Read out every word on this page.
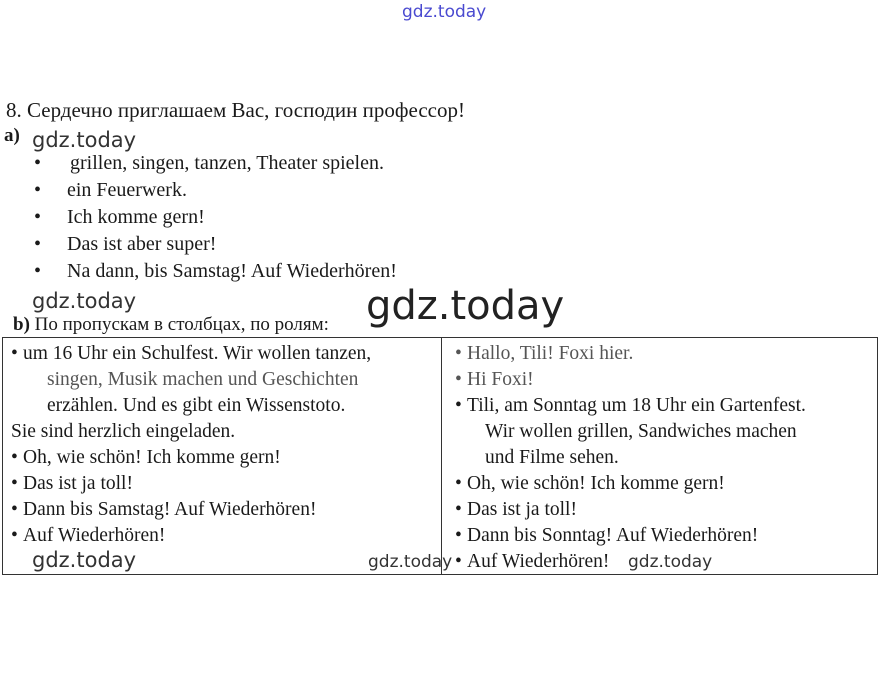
gdz.today
8. Сердечно приглашаем Вас, господин профессор!
a) gdz.today
• grillen, singen, tanzen, Theater spielen.
• ein Feuerwerk.
• Ich komme gern!
• Das ist aber super!
• Na dann, bis Samstag! Auf Wiederhören!
gdz.today
b) По пропускам в столбцах, по ролям: gdz.today
• um 16 Uhr ein Schulfest. Wir wollen tanzen,
singen, Musik machen und Geschichten
erzählen. Und es gibt ein Wissenstoto.
Sie sind herzlich eingeladen.
• Oh, wie schön! Ich komme gern!
• Das ist ja toll!
• Dann bis Samstag! Auf Wiederhören!
• Auf Wiederhören!
• Hallo, Tili! Foxi hier.
• Hi Foxi!
• Tili, am Sonntag um 18 Uhr ein Gartenfest.
Wir wollen grillen, Sandwiches machen
und Filme sehen.
• Oh, wie schön! Ich komme gern!
• Das ist ja toll!
• Dann bis Sonntag! Auf Wiederhören!
• Auf Wiederhören!
gdz.today	gdz.today	gdz.today
